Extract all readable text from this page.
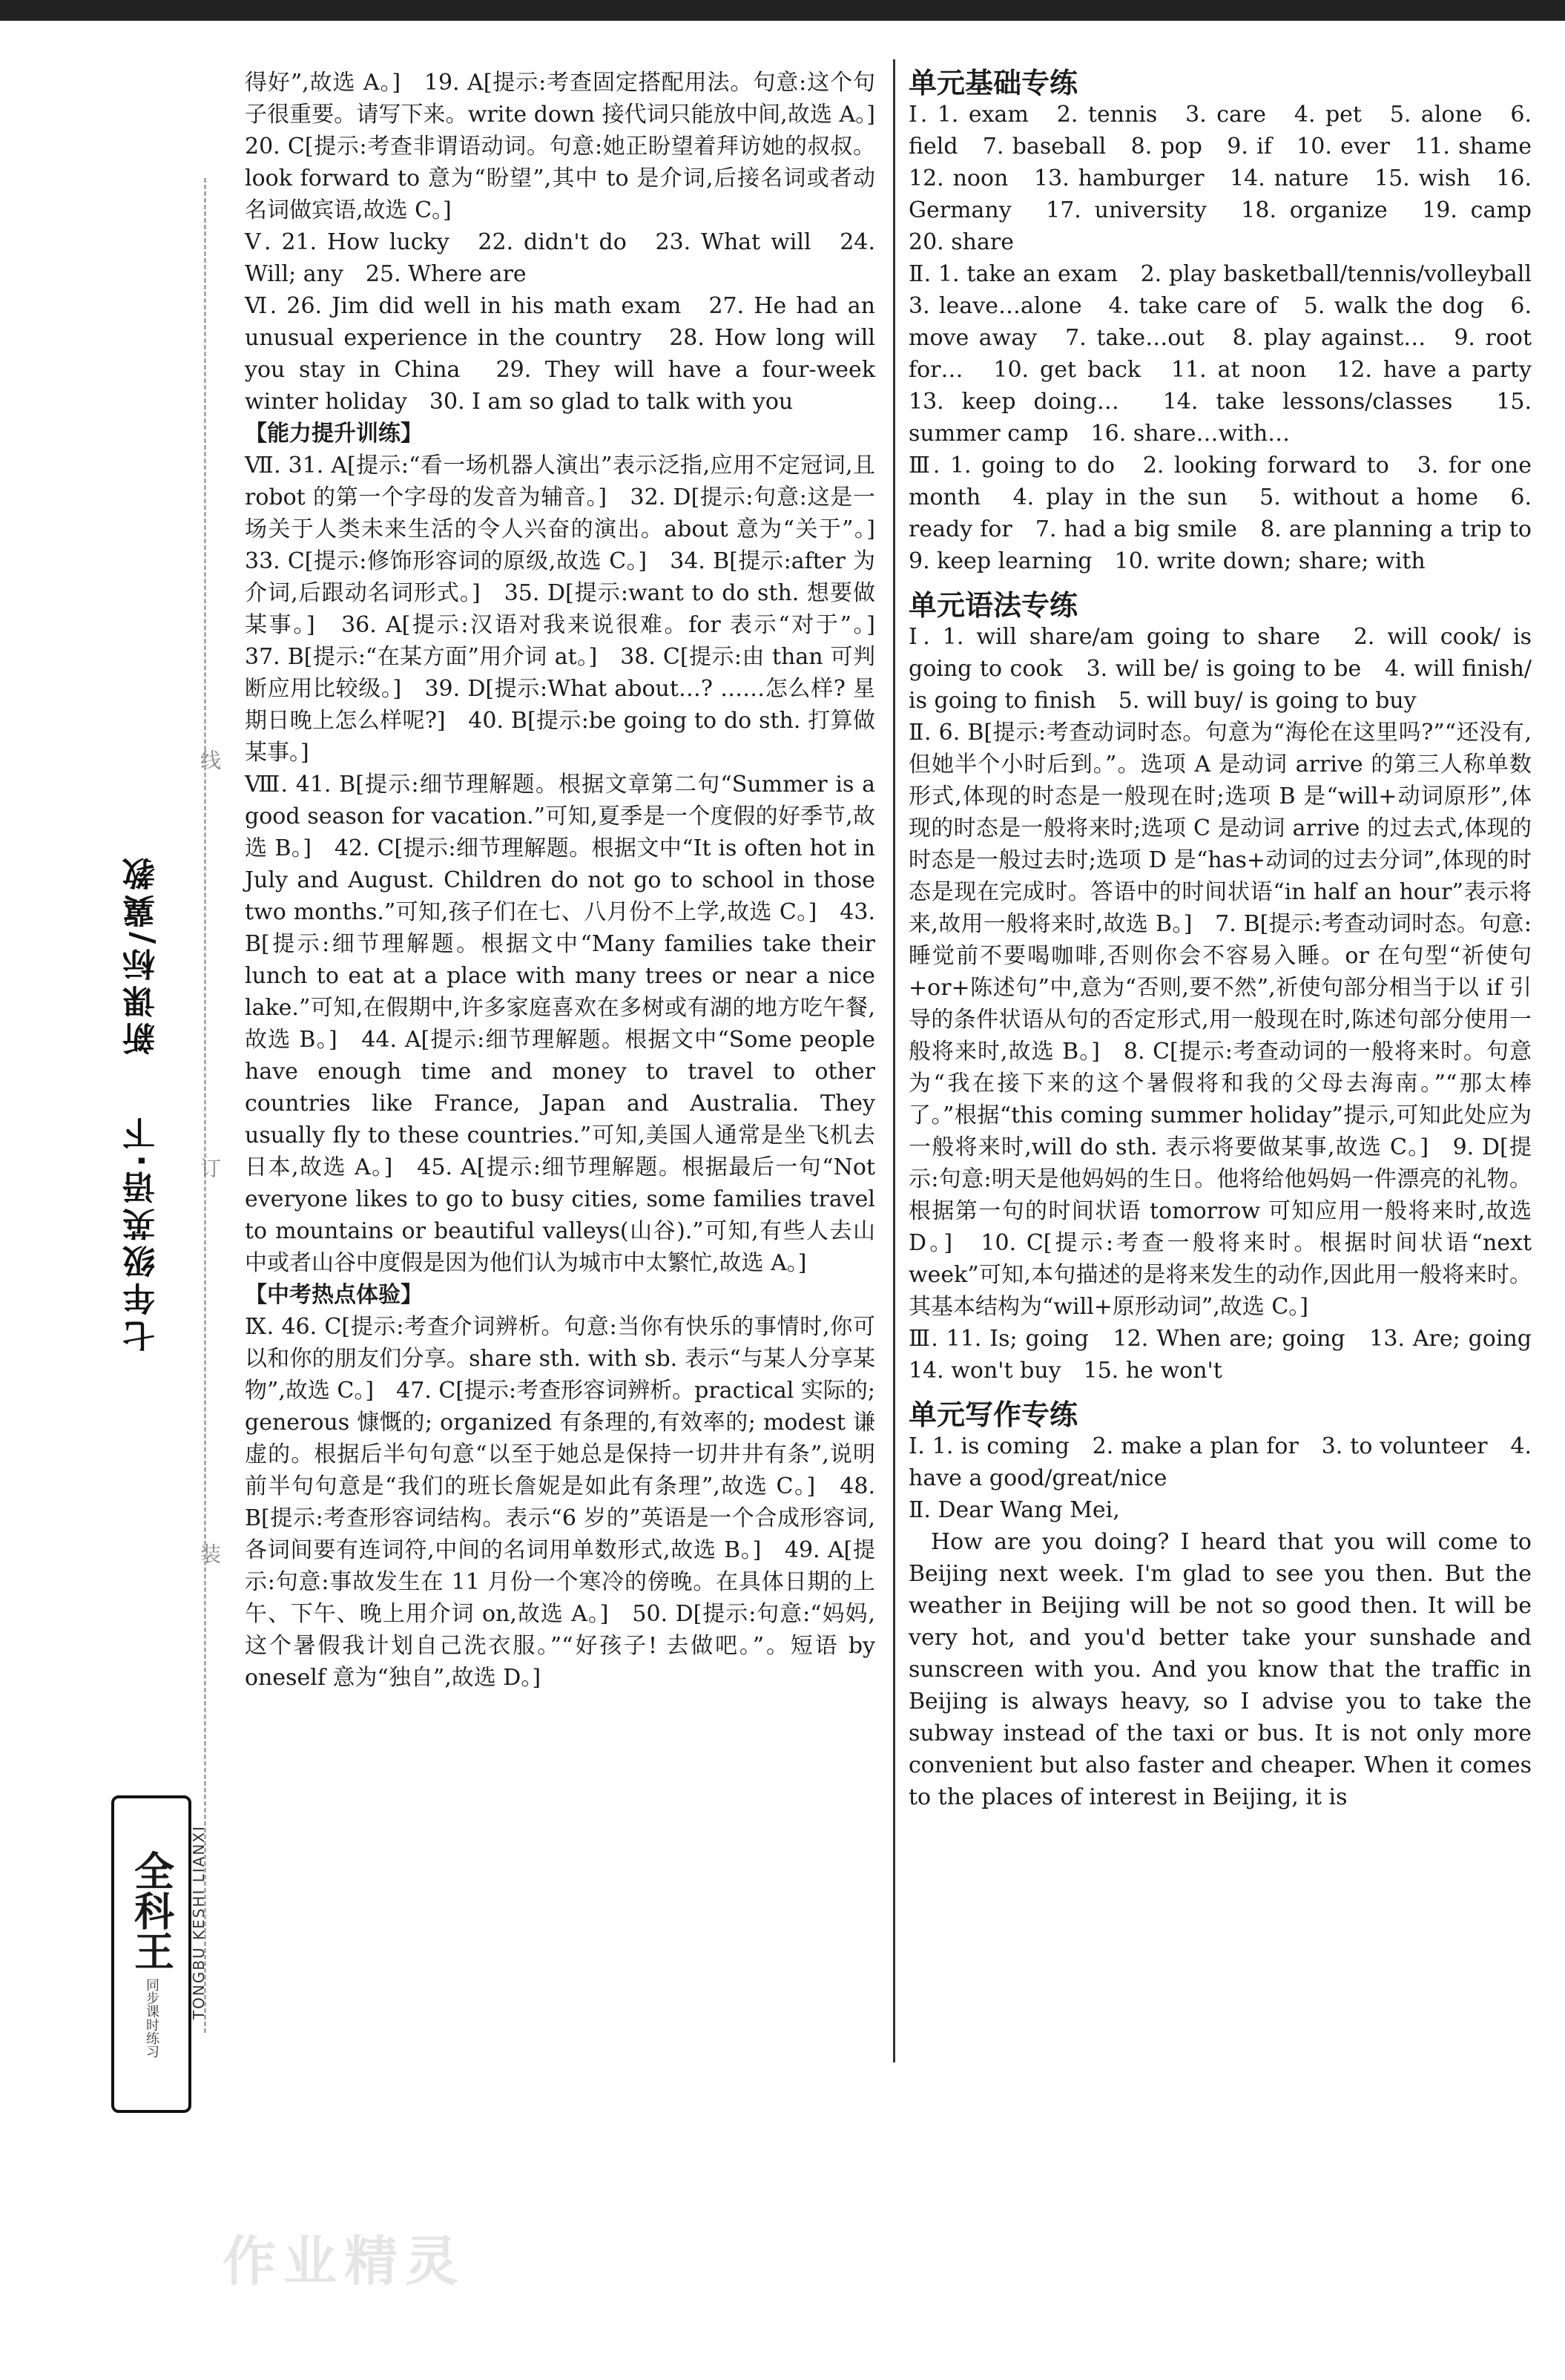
七年级英语·下
新课标/冀教
装
订
线
全科王
同步课时练习 TONGBU KESHI LIANXI

得好”,故选 A。]　19. A[提示:考查固定搭配用法。句意:这个句子很重要。请写下来。write down 接代词只能放中间,故选 A。]　20. C[提示:考查非谓语动词。句意:她正盼望着拜访她的叔叔。look forward to 意为“盼望”,其中 to 是介词,后接名词或者动名词做宾语,故选 C。]

Ⅴ. 21. How lucky　22. didn't do　23. What will　24. Will; any　25. Where are

Ⅵ. 26. Jim did well in his math exam　27. He had an unusual experience in the country　28. How long will you stay in China　29. They will have a four-week winter holiday　30. I am so glad to talk with you

【能力提升训练】

Ⅶ. 31. A[提示:“看一场机器人演出”表示泛指,应用不定冠词,且 robot 的第一个字母的发音为辅音。]　32. D[提示:句意:这是一场关于人类未来生活的令人兴奋的演出。about 意为“关于”。]　33. C[提示:修饰形容词的原级,故选 C。]　34. B[提示:after 为介词,后跟动名词形式。]　35. D[提示:want to do sth. 想要做某事。]　36. A[提示:汉语对我来说很难。for 表示“对于”。]　37. B[提示:“在某方面”用介词 at。]　38. C[提示:由 than 可判断应用比较级。]　39. D[提示:What about…? ……怎么样? 星期日晚上怎么样呢?]　40. B[提示:be going to do sth. 打算做某事。]

Ⅷ. 41. B[提示:细节理解题。根据文章第二句“Summer is a good season for vacation.”可知,夏季是一个度假的好季节,故选 B。]　42. C[提示:细节理解题。根据文中“It is often hot in July and August. Children do not go to school in those two months.”可知,孩子们在七、八月份不上学,故选 C。]　43. B[提示:细节理解题。根据文中“Many families take their lunch to eat at a place with many trees or near a nice lake.”可知,在假期中,许多家庭喜欢在多树或有湖的地方吃午餐,故选 B。]　44. A[提示:细节理解题。根据文中“Some people have enough time and money to travel to other countries like France, Japan and Australia. They usually fly to these countries.”可知,美国人通常是坐飞机去日本,故选 A。]　45. A[提示:细节理解题。根据最后一句“Not everyone likes to go to busy cities, some families travel to mountains or beautiful valleys(山谷).”可知,有些人去山中或者山谷中度假是因为他们认为城市中太繁忙,故选 A。]

【中考热点体验】

Ⅸ. 46. C[提示:考查介词辨析。句意:当你有快乐的事情时,你可以和你的朋友们分享。share sth. with sb. 表示“与某人分享某物”,故选 C。]　47. C[提示:考查形容词辨析。practical 实际的; generous 慷慨的; organized 有条理的,有效率的; modest 谦虚的。根据后半句句意“以至于她总是保持一切井井有条”,说明前半句句意是“我们的班长詹妮是如此有条理”,故选 C。]　48. B[提示:考查形容词结构。表示“6 岁的”英语是一个合成形容词,各词间要有连词符,中间的名词用单数形式,故选 B。]　49. A[提示:句意:事故发生在 11 月份一个寒冷的傍晚。在具体日期的上午、下午、晚上用介词 on,故选 A。]　50. D[提示:句意:“妈妈,这个暑假我计划自己洗衣服。”“好孩子! 去做吧。”。短语 by oneself 意为“独自”,故选 D。]

单元基础专练

Ⅰ. 1. exam　2. tennis　3. care　4. pet　5. alone　6. field　7. baseball　8. pop　9. if　10. ever　11. shame　12. noon　13. hamburger　14. nature　15. wish　16. Germany　17. university　18. organize　19. camp　20. share

Ⅱ. 1. take an exam　2. play basketball/tennis/volleyball　3. leave…alone　4. take care of　5. walk the dog　6. move away　7. take…out　8. play against…　9. root for…　10. get back　11. at noon　12. have a party　13. keep doing…　14. take lessons/classes　15. summer camp　16. share…with…

Ⅲ. 1. going to do　2. looking forward to　3. for one month　4. play in the sun　5. without a home　6. ready for　7. had a big smile　8. are planning a trip to　9. keep learning　10. write down; share; with

单元语法专练

Ⅰ. 1. will share/am going to share　2. will cook/ is going to cook　3. will be/ is going to be　4. will finish/ is going to finish　5. will buy/ is going to buy

Ⅱ. 6. B[提示:考查动词时态。句意为“海伦在这里吗?”“还没有,但她半个小时后到。”。选项 A 是动词 arrive 的第三人称单数形式,体现的时态是一般现在时;选项 B 是“will+动词原形”,体现的时态是一般将来时;选项 C 是动词 arrive 的过去式,体现的时态是一般过去时;选项 D 是“has+动词的过去分词”,体现的时态是现在完成时。答语中的时间状语“in half an hour”表示将来,故用一般将来时,故选 B。]　7. B[提示:考查动词时态。句意:睡觉前不要喝咖啡,否则你会不容易入睡。or 在句型“祈使句+or+陈述句”中,意为“否则,要不然”,祈使句部分相当于以 if 引导的条件状语从句的否定形式,用一般现在时,陈述句部分使用一般将来时,故选 B。]　8. C[提示:考查动词的一般将来时。句意为“我在接下来的这个暑假将和我的父母去海南。”“那太棒了。”根据“this coming summer holiday”提示,可知此处应为一般将来时,will do sth. 表示将要做某事,故选 C。]　9. D[提示:句意:明天是他妈妈的生日。他将给他妈妈一件漂亮的礼物。根据第一句的时间状语 tomorrow 可知应用一般将来时,故选 D。]　10. C[提示:考查一般将来时。根据时间状语“next week”可知,本句描述的是将来发生的动作,因此用一般将来时。其基本结构为“will+原形动词”,故选 C。]

Ⅲ. 11. Is; going　12. When are; going　13. Are; going　14. won't buy　15. he won't

单元写作专练

Ⅰ. 1. is coming　2. make a plan for　3. to volunteer　4. have a good/great/nice

Ⅱ. Dear Wang Mei,

How are you doing? I heard that you will come to Beijing next week. I'm glad to see you then. But the weather in Beijing will be not so good then. It will be very hot, and you'd better take your sunshade and sunscreen with you. And you know that the traffic in Beijing is always heavy, so I advise you to take the subway instead of the taxi or bus. It is not only more convenient but also faster and cheaper. When it comes to the places of interest in Beijing, it is

作业精灵
